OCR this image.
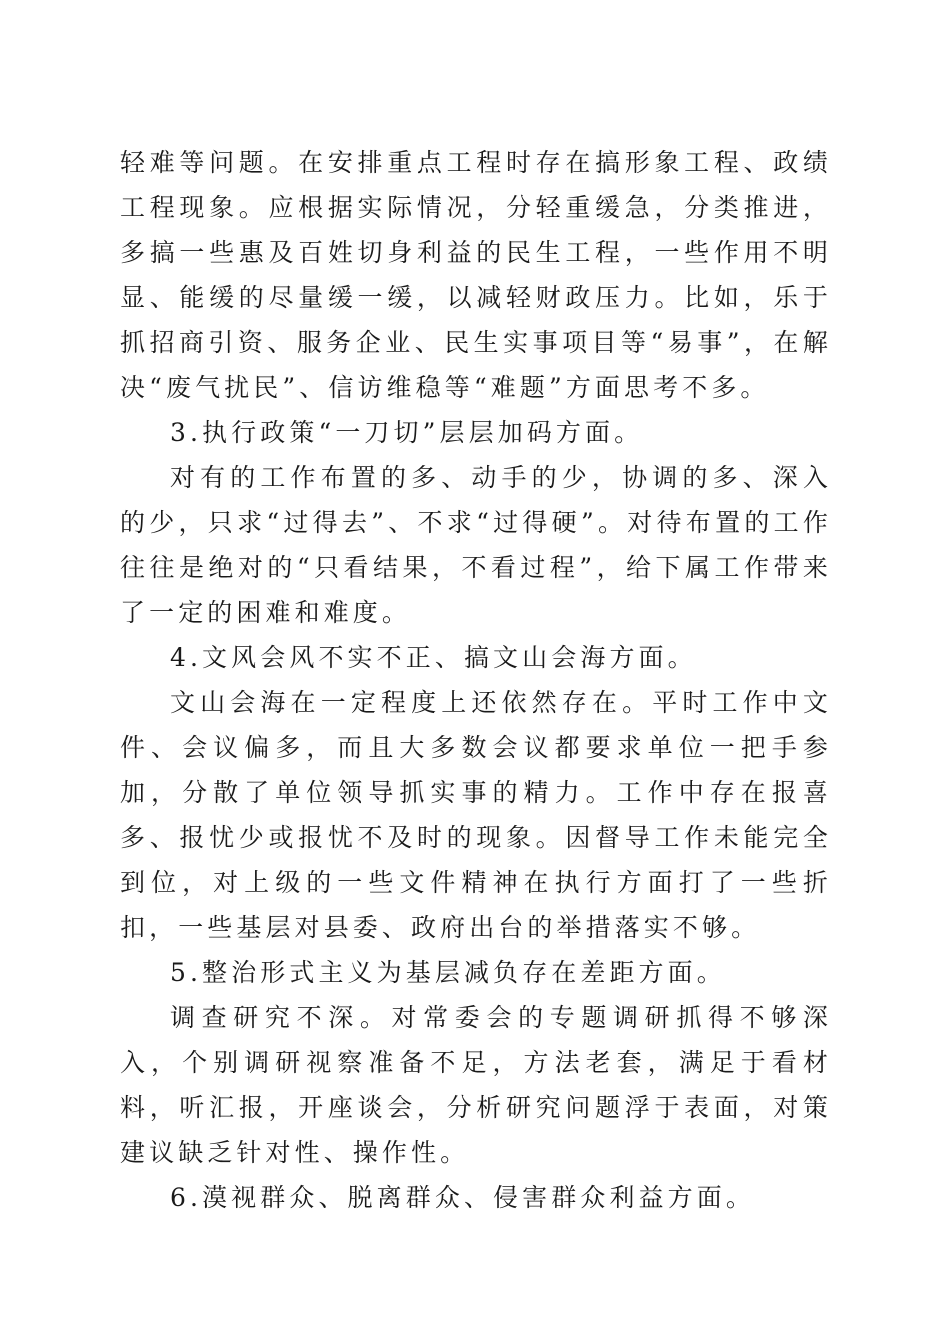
轻难等问题。在安排重点工程时存在搞形象工程、政绩工程现象。应根据实际情况，分轻重缓急，分类推进，多搞一些惠及百姓切身利益的民生工程，一些作用不明显、能缓的尽量缓一缓，以减轻财政压力。比如，乐于抓招商引资、服务企业、民生实事项目等“易事”，在解决“废气扰民”、信访维稳等“难题”方面思考不多。

3.执行政策“一刀切”层层加码方面。

对有的工作布置的多、动手的少，协调的多、深入的少，只求“过得去”、不求“过得硬”。对待布置的工作往往是绝对的“只看结果，不看过程”，给下属工作带来了一定的困难和难度。

4.文风会风不实不正、搞文山会海方面。

文山会海在一定程度上还依然存在。平时工作中文件、会议偏多，而且大多数会议都要求单位一把手参加，分散了单位领导抓实事的精力。工作中存在报喜多、报忧少或报忧不及时的现象。因督导工作未能完全到位，对上级的一些文件精神在执行方面打了一些折扣，一些基层对县委、政府出台的举措落实不够。

5.整治形式主义为基层减负存在差距方面。

调查研究不深。对常委会的专题调研抓得不够深入，个别调研视察准备不足，方法老套，满足于看材料，听汇报，开座谈会，分析研究问题浮于表面，对策建议缺乏针对性、操作性。

6.漠视群众、脱离群众、侵害群众利益方面。
